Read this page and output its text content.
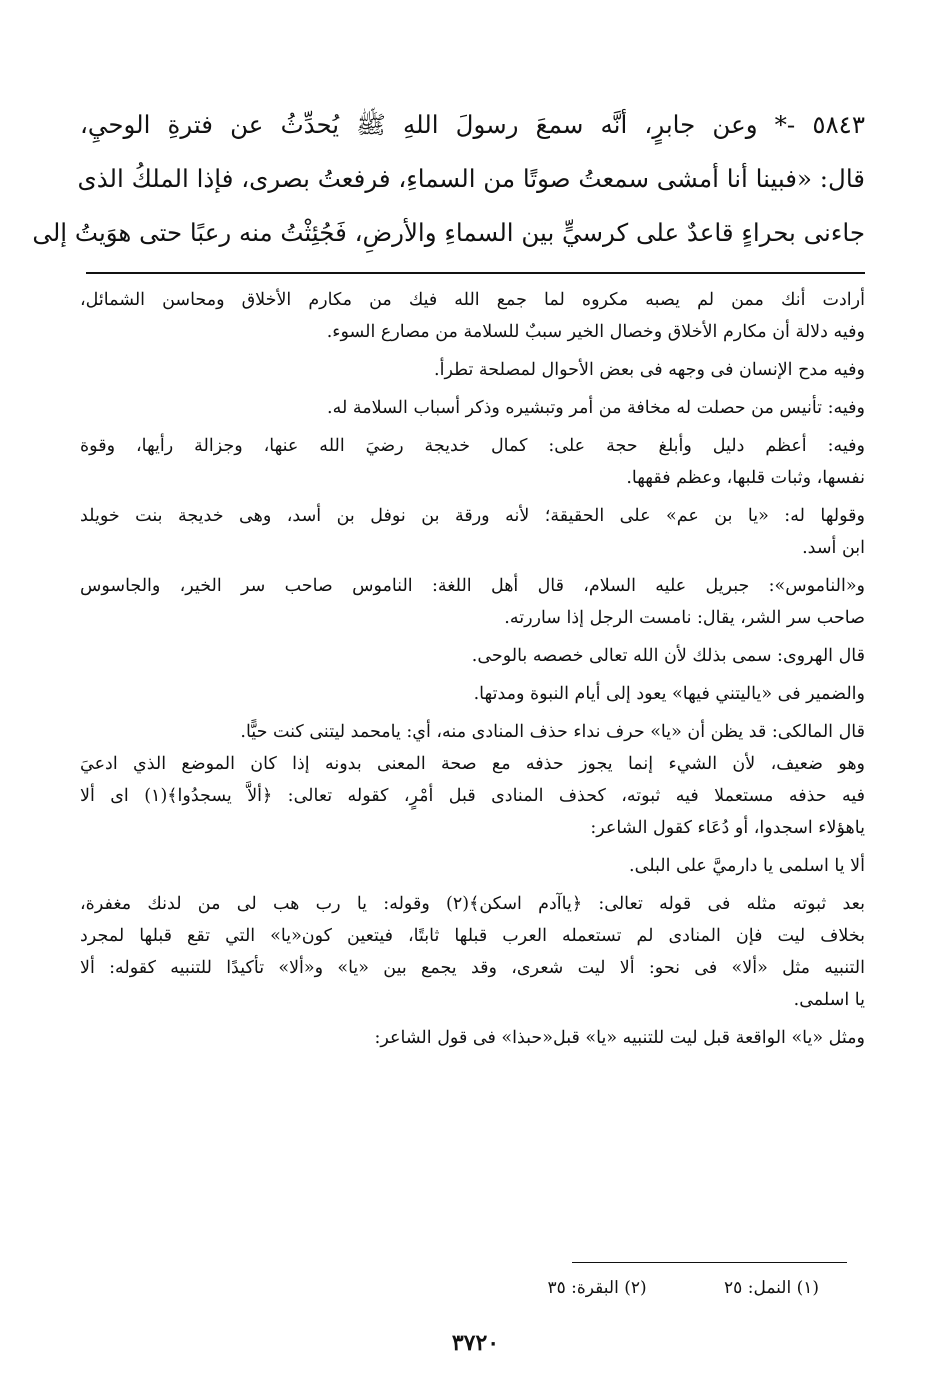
٥٨٤٣ -* وعن جابرٍ، أنَّه سمعَ رسولَ اللهِ ﷺ يُحدِّثُ عن فترةِ الوحيِ،
قال: «فبينا أنا أمشى سمعتُ صوتًا من السماءِ، فرفعتُ بصرى، فإذا الملكُ الذى
جاءنى بحراءٍ قاعدٌ على كرسيٍّ بين السماءِ والأرضِ، فَجُئِثْتُ منه رعبًا حتى هوَيتُ إلى
أرادت أنك ممن لم يصبه مكروه لما جمع الله فيك من مكارم الأخلاق ومحاسن الشمائل،
وفيه دلالة أن مكارم الأخلاق وخصال الخير سببٌ للسلامة من مصارع السوء.
وفيه مدح الإنسان فى وجهه فى بعض الأحوال لمصلحة تطرأ.
وفيه: تأنيس من حصلت له مخافة من أمر وتبشيره وذكر أسباب السلامة له.
وفيه: أعظم دليل وأبلغ حجة على: كمال خديجة رضيَ الله عنها، وجزالة رأيها، وقوة
نفسها، وثبات قلبها، وعظم فقهها.
وقولها له: «يا بن عم» على الحقيقة؛ لأنه ورقة بن نوفل بن أسد، وهى خديجة بنت خويلد
ابن أسد.
و«الناموس»: جبريل عليه السلام، قال أهل اللغة: الناموس صاحب سر الخير، والجاسوس
صاحب سر الشر، يقال: نامست الرجل إذا ساررته.
قال الهروى: سمى بذلك لأن الله تعالى خصصه بالوحى.
والضمير فى «ياليتني فيها» يعود إلى أيام النبوة ومدتها.
قال المالكى: قد يظن أن «يا» حرف نداء حذف المنادى منه، أي: يامحمد ليتنى كنت حيًّا.
وهو ضعيف، لأن الشيء إنما يجوز حذفه مع صحة المعنى بدونه إذا كان الموضع الذي ادعيَ
فيه حذفه مستعملا فيه ثبوته، كحذف المنادى قبل أمْرٍ، كقوله تعالى: ﴿ألاَّ يسجدُوا﴾(١) اى ألا
ياهؤلاء اسجدوا، أو دُعَاء كقول الشاعر:
ألا يا اسلمى يا دارميَّ على البلى.
بعد ثبوته مثله فى قوله تعالى: ﴿ياآدم اسكن﴾(٢) وقوله: يا رب هب لى من لدنك مغفرة،
بخلاف ليت فإن المنادى لم تستعمله العرب قبلها ثابتًا، فيتعين كون«يا» التي تقع قبلها لمجرد
التنبيه مثل «ألا» فى نحو: ألا ليت شعرى، وقد يجمع بين «يا» و«ألا» تأكيدًا للتنبيه كقوله: ألا
يا اسلمى.
ومثل «يا» الواقعة قبل ليت للتنبيه «يا» قبل«حبذا» فى قول الشاعر:
(١) النمل: ٢٥ (٢) البقرة: ٣٥
٣٧٢٠
